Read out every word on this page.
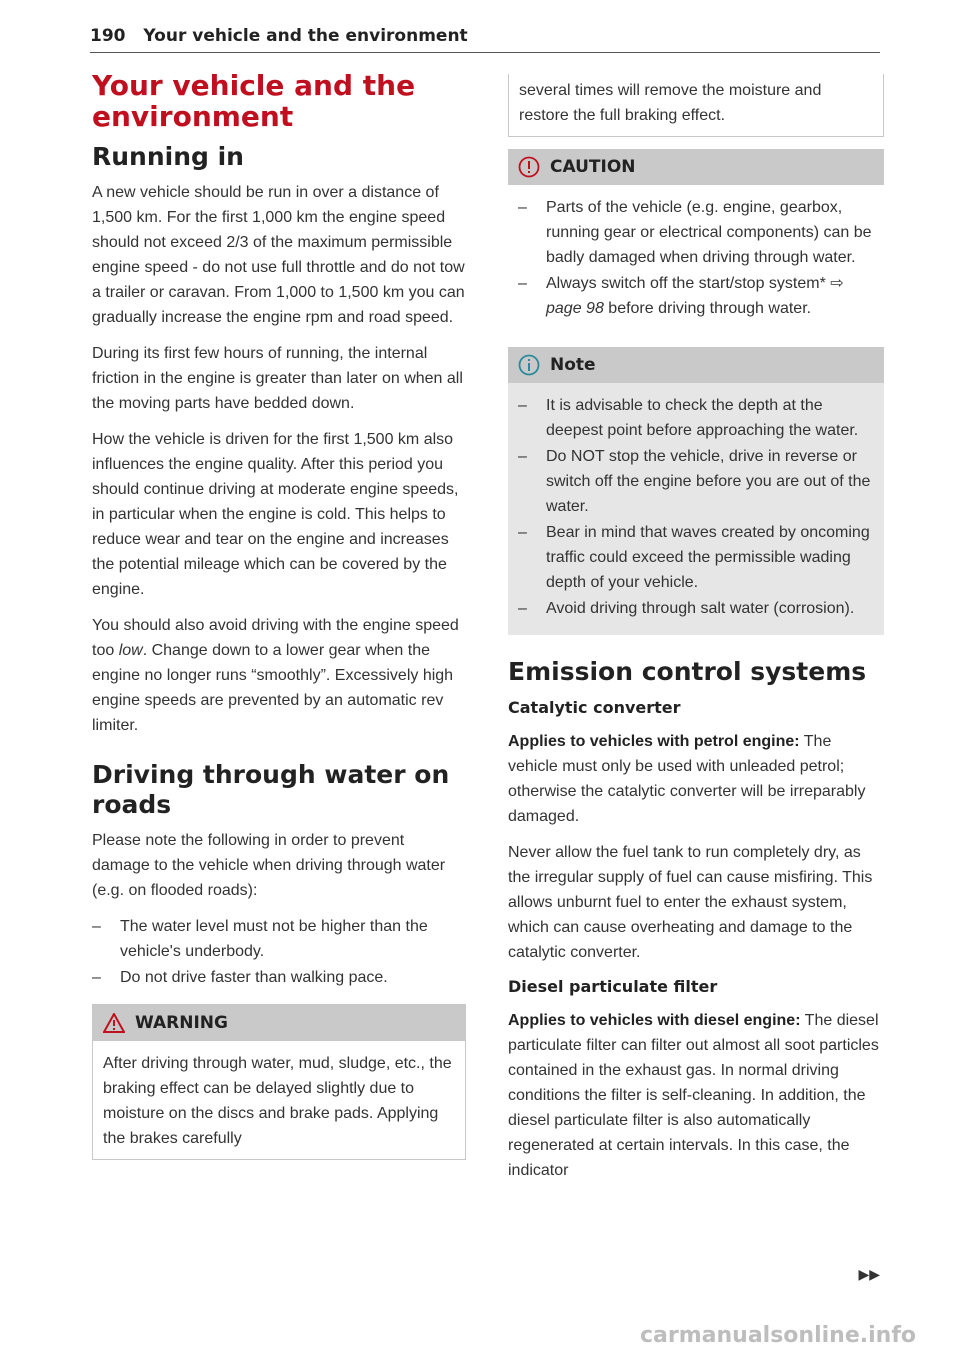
190 Your vehicle and the environment
Your vehicle and the environment
Running in

A new vehicle should be run in over a distance of 1,500 km. For the first 1,000 km the engine speed should not exceed 2/3 of the maximum permissible engine speed - do not use full throttle and do not tow a trailer or caravan. From 1,000 to 1,500 km you can gradually increase the engine rpm and road speed.

During its first few hours of running, the internal friction in the engine is greater than later on when all the moving parts have bedded down.

How the vehicle is driven for the first 1,500 km also influences the engine quality. After this period you should continue driving at moderate engine speeds, in particular when the engine is cold. This helps to reduce wear and tear on the engine and increases the potential mileage which can be covered by the engine.

You should also avoid driving with the engine speed too low. Change down to a lower gear when the engine no longer runs “smoothly”. Excessively high engine speeds are prevented by an automatic rev limiter.

Driving through water on roads

Please note the following in order to prevent damage to the vehicle when driving through water (e.g. on flooded roads):

– The water level must not be higher than the vehicle's underbody.
– Do not drive faster than walking pace.
WARNING

After driving through water, mud, sludge, etc., the braking effect can be delayed slightly due to moisture on the discs and brake pads. Applying the brakes carefully

several times will remove the moisture and restore the full braking effect.

CAUTION
– Parts of the vehicle (e.g. engine, gearbox, running gear or electrical components) can be badly damaged when driving through water.
– Always switch off the start/stop system* ⇨ page 98 before driving through water.
Note
– It is advisable to check the depth at the deepest point before approaching the water.
– Do NOT stop the vehicle, drive in reverse or switch off the engine before you are out of the water.
– Bear in mind that waves created by oncoming traffic could exceed the permissible wading depth of your vehicle.
– Avoid driving through salt water (corrosion).
Emission control systems
Catalytic converter

Applies to vehicles with petrol engine: The vehicle must only be used with unleaded petrol; otherwise the catalytic converter will be irreparably damaged.

Never allow the fuel tank to run completely dry, as the irregular supply of fuel can cause misfiring. This allows unburnt fuel to enter the exhaust system, which can cause overheating and damage to the catalytic converter.

Diesel particulate filter

Applies to vehicles with diesel engine: The diesel particulate filter can filter out almost all soot particles contained in the exhaust gas. In normal driving conditions the filter is self-cleaning. In addition, the diesel particulate filter is also automatically regenerated at certain intervals. In this case, the indicator

▶▶
carmanualsonline.info
